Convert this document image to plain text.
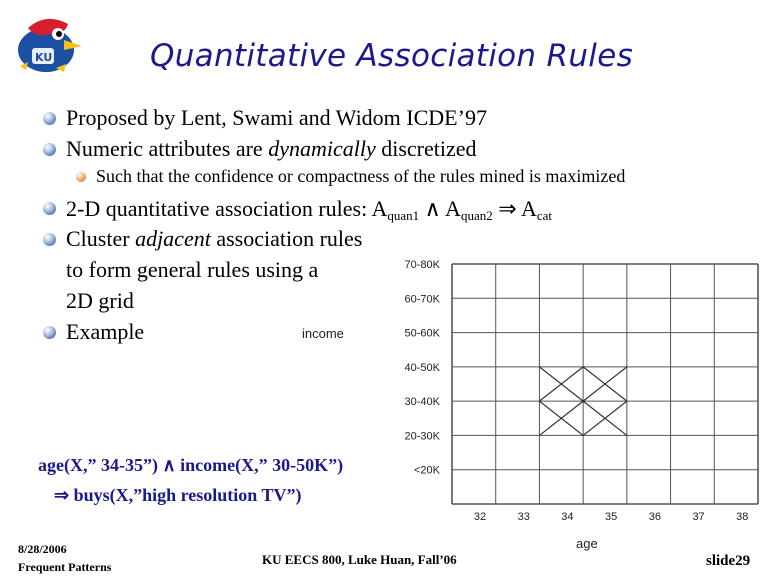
KU	Quantitative Association Rules
Proposed by Lent, Swami and Widom ICDE’97
Numeric attributes are dynamically discretized
Such that the confidence or compactness of the rules mined is maximized
2-D quantitative association rules: $A_{quan1}$ ∧ $A_{quan2}$ ⇒ $A_{cat}$
Cluster adjacent association rules
to form general rules using a
2D grid
Example
<20K
20-30K
30-40K
40-50K
50-60K
60-70K
70-80K
32	33	34	35	36	37	38
income
age
age(X,” 34-35”) ∧ income(X,” 30-50K”)
⇒ buys(X,”high resolution TV”)
8/28/2006
Frequent Patterns	KU EECS 800, Luke Huan, Fall’06	slide29
